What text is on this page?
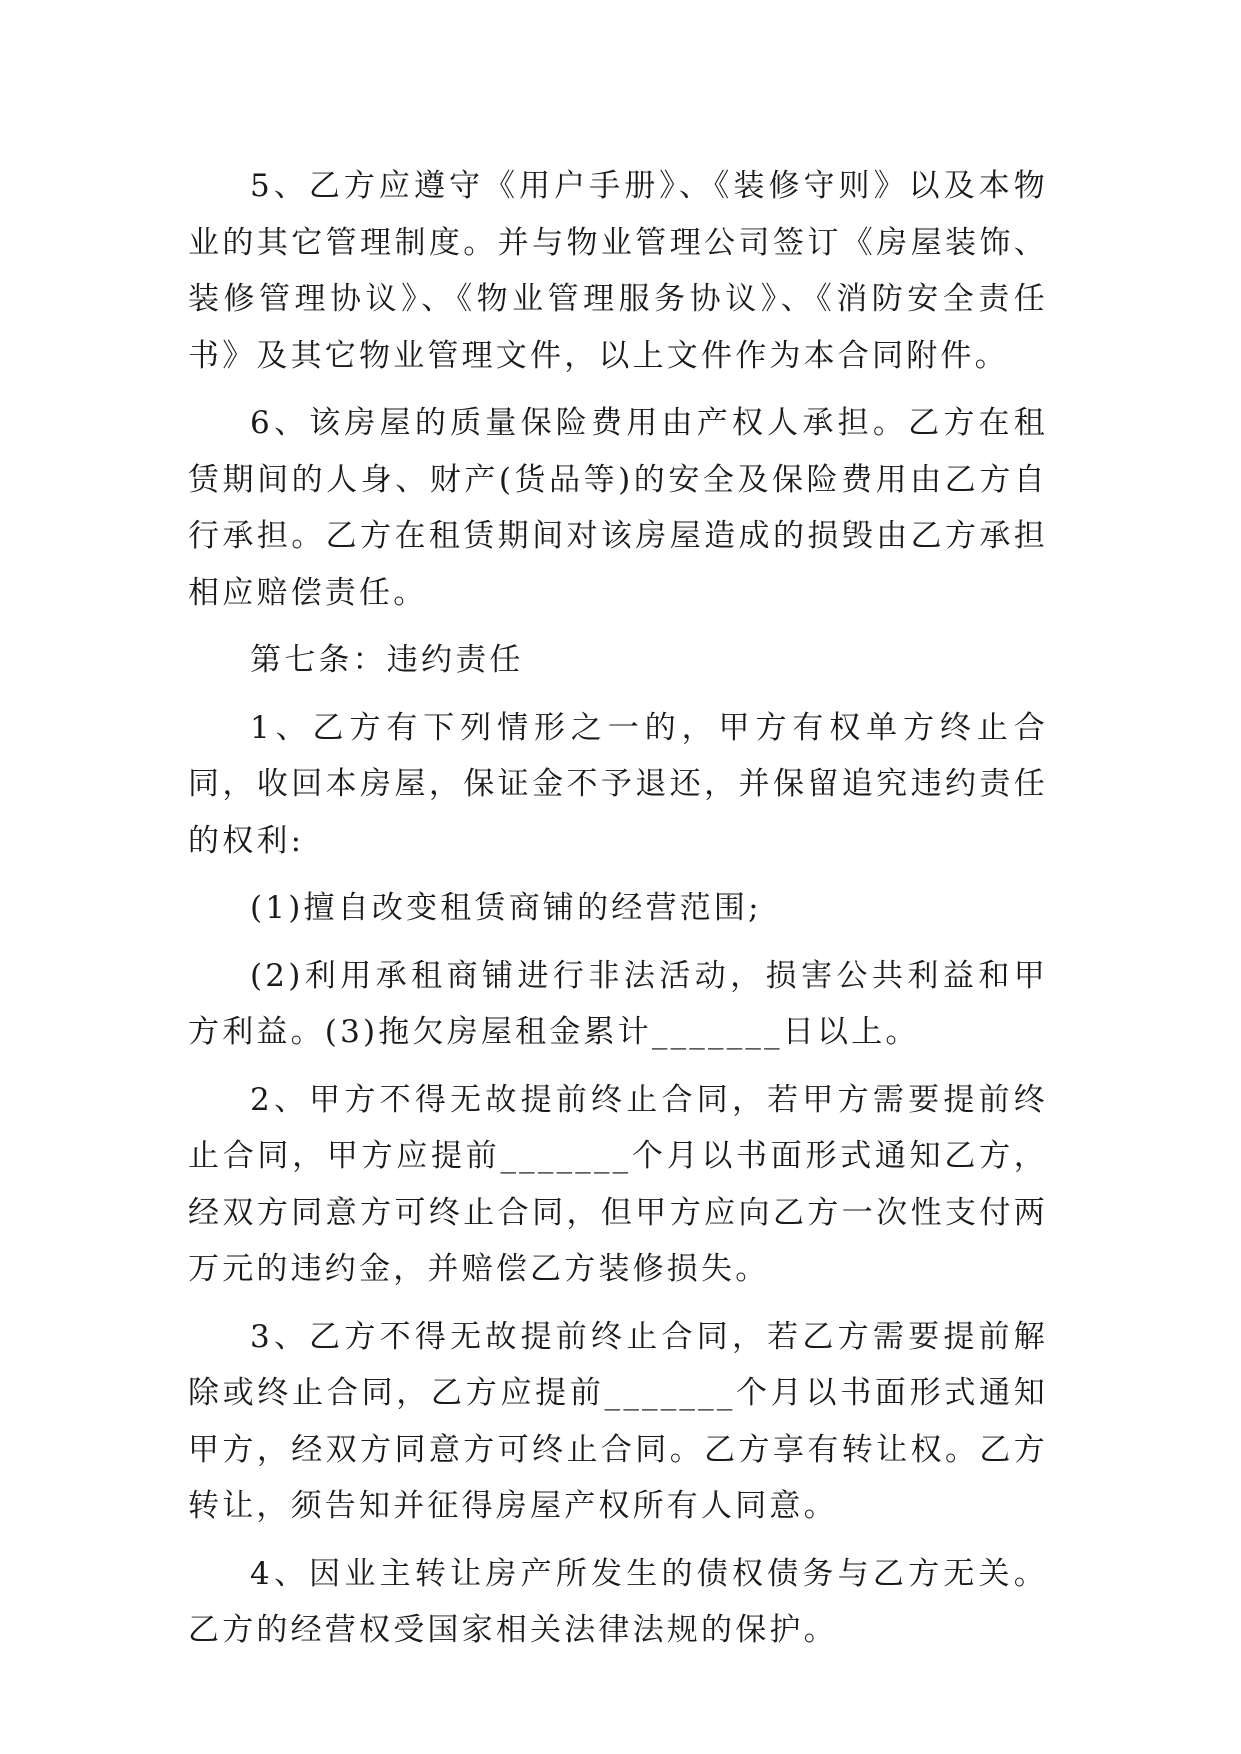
5、乙方应遵守《用户手册》、《装修守则》以及本物业的其它管理制度。并与物业管理公司签订《房屋装饰、装修管理协议》、《物业管理服务协议》、《消防安全责任书》及其它物业管理文件，以上文件作为本合同附件。

6、该房屋的质量保险费用由产权人承担。乙方在租赁期间的人身、财产(货品等)的安全及保险费用由乙方自行承担。乙方在租赁期间对该房屋造成的损毁由乙方承担相应赔偿责任。

第七条：违约责任

1、乙方有下列情形之一的，甲方有权单方终止合同，收回本房屋，保证金不予退还，并保留追究违约责任的权利:

(1)擅自改变租赁商铺的经营范围;

(2)利用承租商铺进行非法活动，损害公共利益和甲方利益。(3)拖欠房屋租金累计_______日以上。

2、甲方不得无故提前终止合同，若甲方需要提前终止合同，甲方应提前_______个月以书面形式通知乙方，经双方同意方可终止合同，但甲方应向乙方一次性支付两万元的违约金，并赔偿乙方装修损失。

3、乙方不得无故提前终止合同，若乙方需要提前解除或终止合同，乙方应提前_______个月以书面形式通知甲方，经双方同意方可终止合同。乙方享有转让权。乙方转让，须告知并征得房屋产权所有人同意。

4、因业主转让房产所发生的债权债务与乙方无关。乙方的经营权受国家相关法律法规的保护。
